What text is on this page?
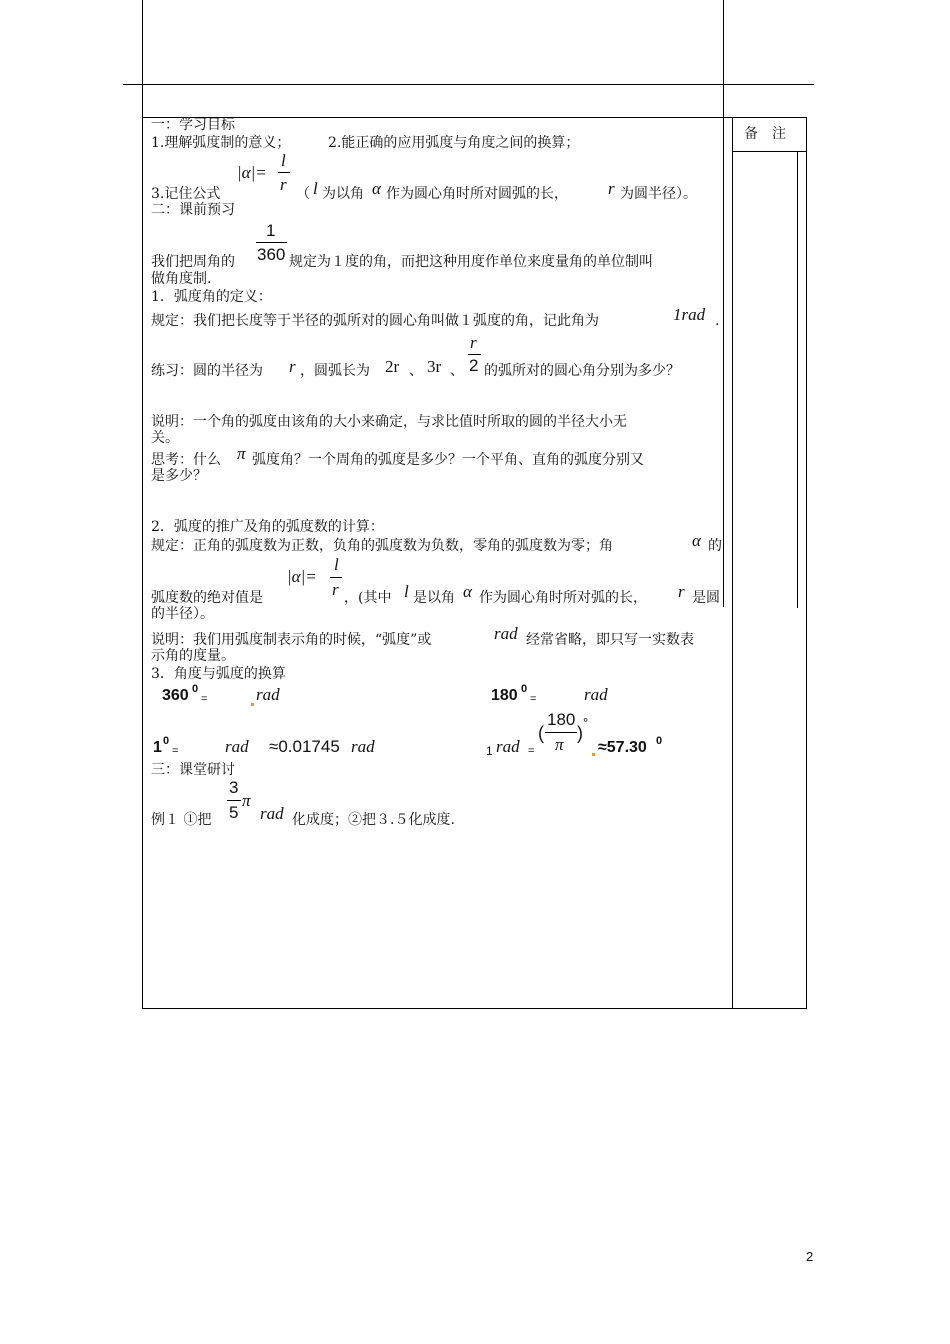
备　注
一：学习目标
1.理解弧度制的意义；	2.能正确的应用弧度与角度之间的换算；
3.记住公式
|α|=
l
r （ l 为以角 α 作为圆心角时所对圆弧的长， r 为圆半径）。
二：课前预习
我们把周角的
1
360 规定为１度的角，而把这种用度作单位来度量角的单位制叫
做角度制.
1．弧度角的定义：
规定：我们把长度等于半径的弧所对的圆心角叫做１弧度的角，记此角为	1rad .
练习：圆的半径为 r ，圆弧长为 2r 、 3r 、
r
2 的弧所对的圆心角分别为多少？
说明：一个角的弧度由该角的大小来确定，与求比值时所取的圆的半径大小无
关。
思考：什么 π 弧度角？一个周角的弧度是多少？一个平角、直角的弧度分别又
是多少？
2．弧度的推广及角的弧度数的计算：
规定：正角的弧度数为正数，负角的弧度数为负数，零角的弧度数为零；角	α 的
弧度数的绝对值是
|α|=
l
r ，(其中 l 是以角 α 作为圆心角时所对弧的长， r 是圆
的半径）。
说明：我们用弧度制表示角的时候，“弧度”或	rad 经常省略，即只写一实数表
示角的度量。
3．角度与弧度的换算
360 0
=	rad	180 0
=	rad
1 0
=	rad ≈0.01745 rad	1 rad =
(
180
π
)
°
≈57.30 0
三：课堂研讨
例１ ①把
3
5
π
rad 化成度；②把３.５化成度.
2
